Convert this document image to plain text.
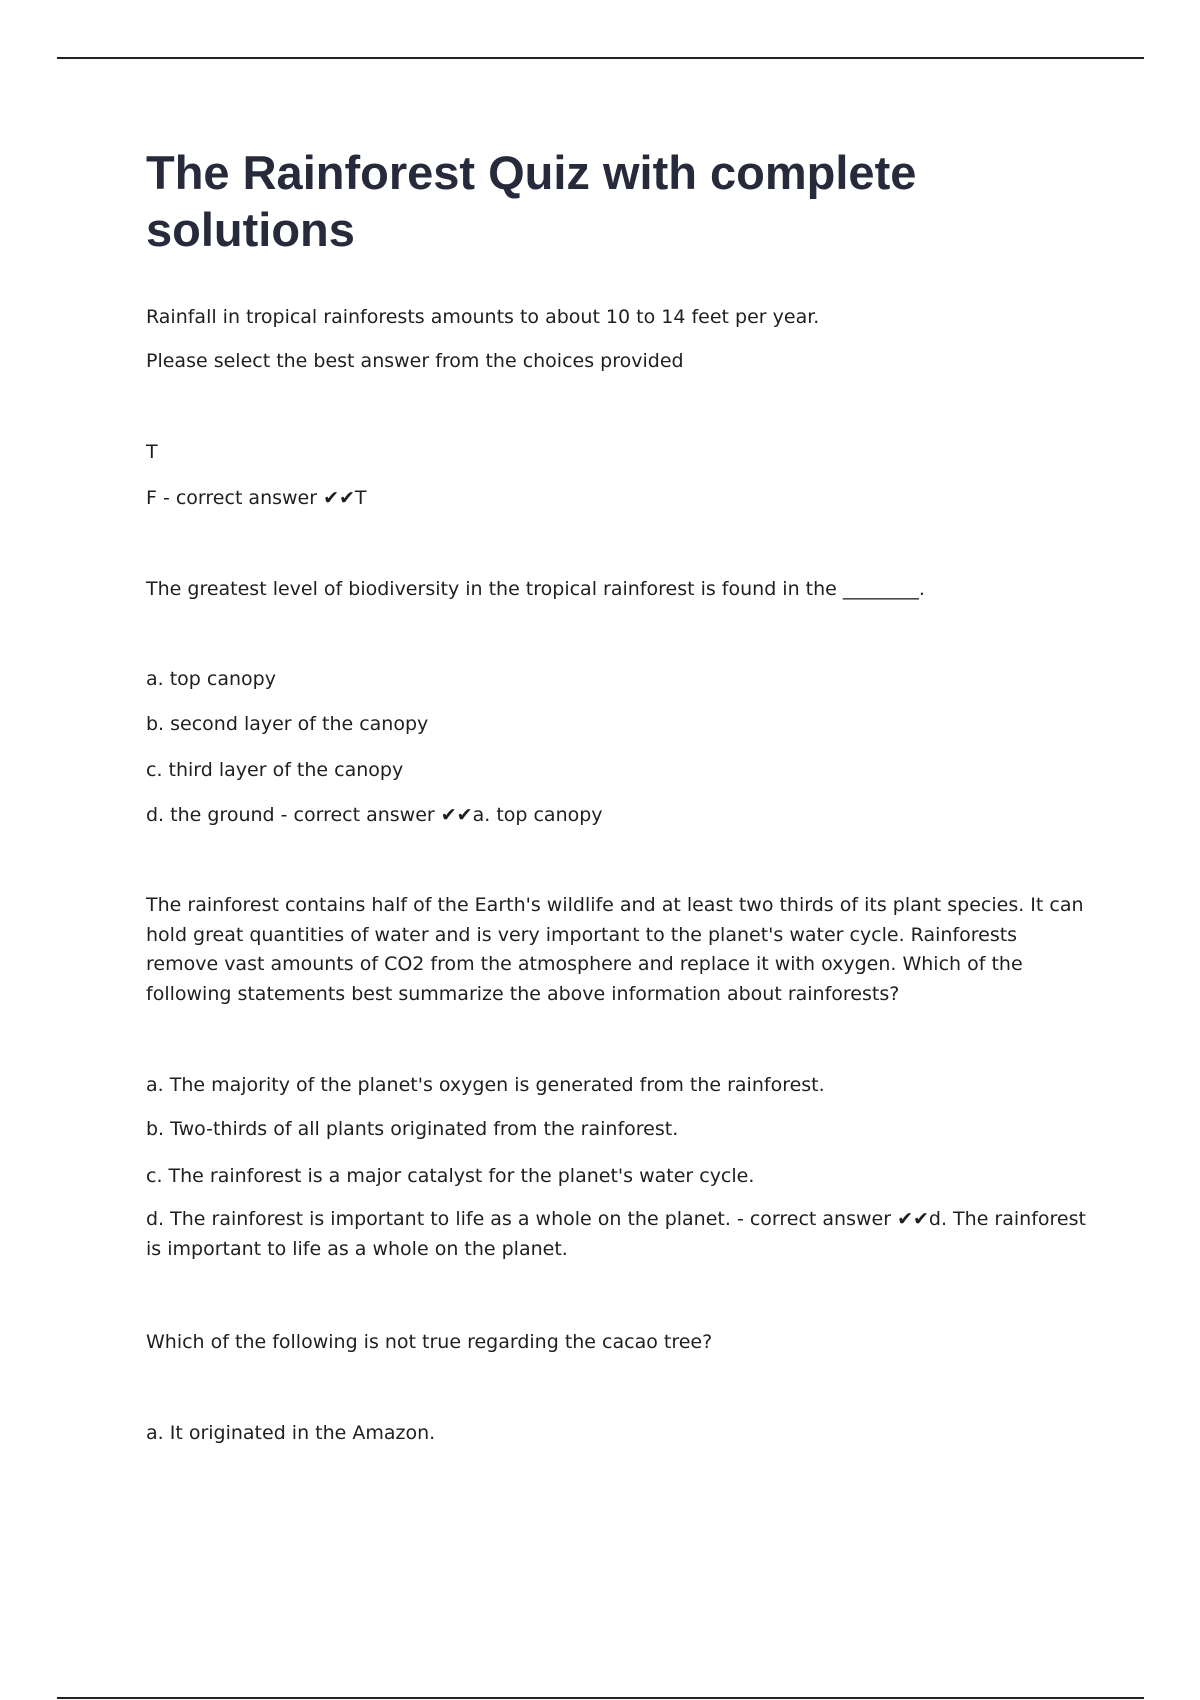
The Rainforest Quiz with complete solutions

Rainfall in tropical rainforests amounts to about 10 to 14 feet per year.

Please select the best answer from the choices provided

T

F - correct answer ✔✔T

The greatest level of biodiversity in the tropical rainforest is found in the ________.

a. top canopy

b. second layer of the canopy

c. third layer of the canopy

d. the ground - correct answer ✔✔a. top canopy

The rainforest contains half of the Earth's wildlife and at least two thirds of its plant species. It can hold great quantities of water and is very important to the planet's water cycle. Rainforests remove vast amounts of CO2 from the atmosphere and replace it with oxygen. Which of the following statements best summarize the above information about rainforests?

a. The majority of the planet's oxygen is generated from the rainforest.

b. Two-thirds of all plants originated from the rainforest.

c. The rainforest is a major catalyst for the planet's water cycle.

d. The rainforest is important to life as a whole on the planet. - correct answer ✔✔d. The rainforest is important to life as a whole on the planet.

Which of the following is not true regarding the cacao tree?

a. It originated in the Amazon.
